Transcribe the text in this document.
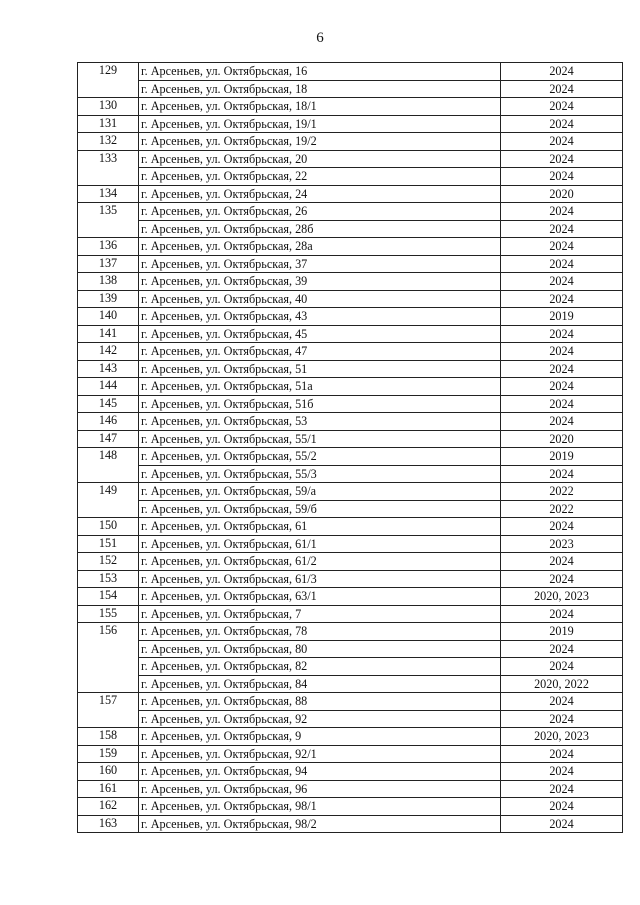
6
129	г. Арсеньев, ул. Октябрьская, 16	2024
	г. Арсеньев, ул. Октябрьская, 18	2024
130	г. Арсеньев, ул. Октябрьская, 18/1	2024
131	г. Арсеньев, ул. Октябрьская, 19/1	2024
132	г. Арсеньев, ул. Октябрьская, 19/2	2024
133	г. Арсеньев, ул. Октябрьская, 20	2024
	г. Арсеньев, ул. Октябрьская, 22	2024
134	г. Арсеньев, ул. Октябрьская, 24	2020
135	г. Арсеньев, ул. Октябрьская, 26	2024
	г. Арсеньев, ул. Октябрьская, 28б	2024
136	г. Арсеньев, ул. Октябрьская, 28а	2024
137	г. Арсеньев, ул. Октябрьская, 37	2024
138	г. Арсеньев, ул. Октябрьская, 39	2024
139	г. Арсеньев, ул. Октябрьская, 40	2024
140	г. Арсеньев, ул. Октябрьская, 43	2019
141	г. Арсеньев, ул. Октябрьская, 45	2024
142	г. Арсеньев, ул. Октябрьская, 47	2024
143	г. Арсеньев, ул. Октябрьская, 51	2024
144	г. Арсеньев, ул. Октябрьская, 51а	2024
145	г. Арсеньев, ул. Октябрьская, 51б	2024
146	г. Арсеньев, ул. Октябрьская, 53	2024
147	г. Арсеньев, ул. Октябрьская, 55/1	2020
148	г. Арсеньев, ул. Октябрьская, 55/2	2019
	г. Арсеньев, ул. Октябрьская, 55/3	2024
149	г. Арсеньев, ул. Октябрьская, 59/а	2022
	г. Арсеньев, ул. Октябрьская, 59/б	2022
150	г. Арсеньев, ул. Октябрьская, 61	2024
151	г. Арсеньев, ул. Октябрьская, 61/1	2023
152	г. Арсеньев, ул. Октябрьская, 61/2	2024
153	г. Арсеньев, ул. Октябрьская, 61/3	2024
154	г. Арсеньев, ул. Октябрьская, 63/1	2020, 2023
155	г. Арсеньев, ул. Октябрьская, 7	2024
156	г. Арсеньев, ул. Октябрьская, 78	2019
	г. Арсеньев, ул. Октябрьская, 80	2024
	г. Арсеньев, ул. Октябрьская, 82	2024
	г. Арсеньев, ул. Октябрьская, 84	2020, 2022
157	г. Арсеньев, ул. Октябрьская, 88	2024
	г. Арсеньев, ул. Октябрьская, 92	2024
158	г. Арсеньев, ул. Октябрьская, 9	2020, 2023
159	г. Арсеньев, ул. Октябрьская, 92/1	2024
160	г. Арсеньев, ул. Октябрьская, 94	2024
161	г. Арсеньев, ул. Октябрьская, 96	2024
162	г. Арсеньев, ул. Октябрьская, 98/1	2024
163	г. Арсеньев, ул. Октябрьская, 98/2	2024
